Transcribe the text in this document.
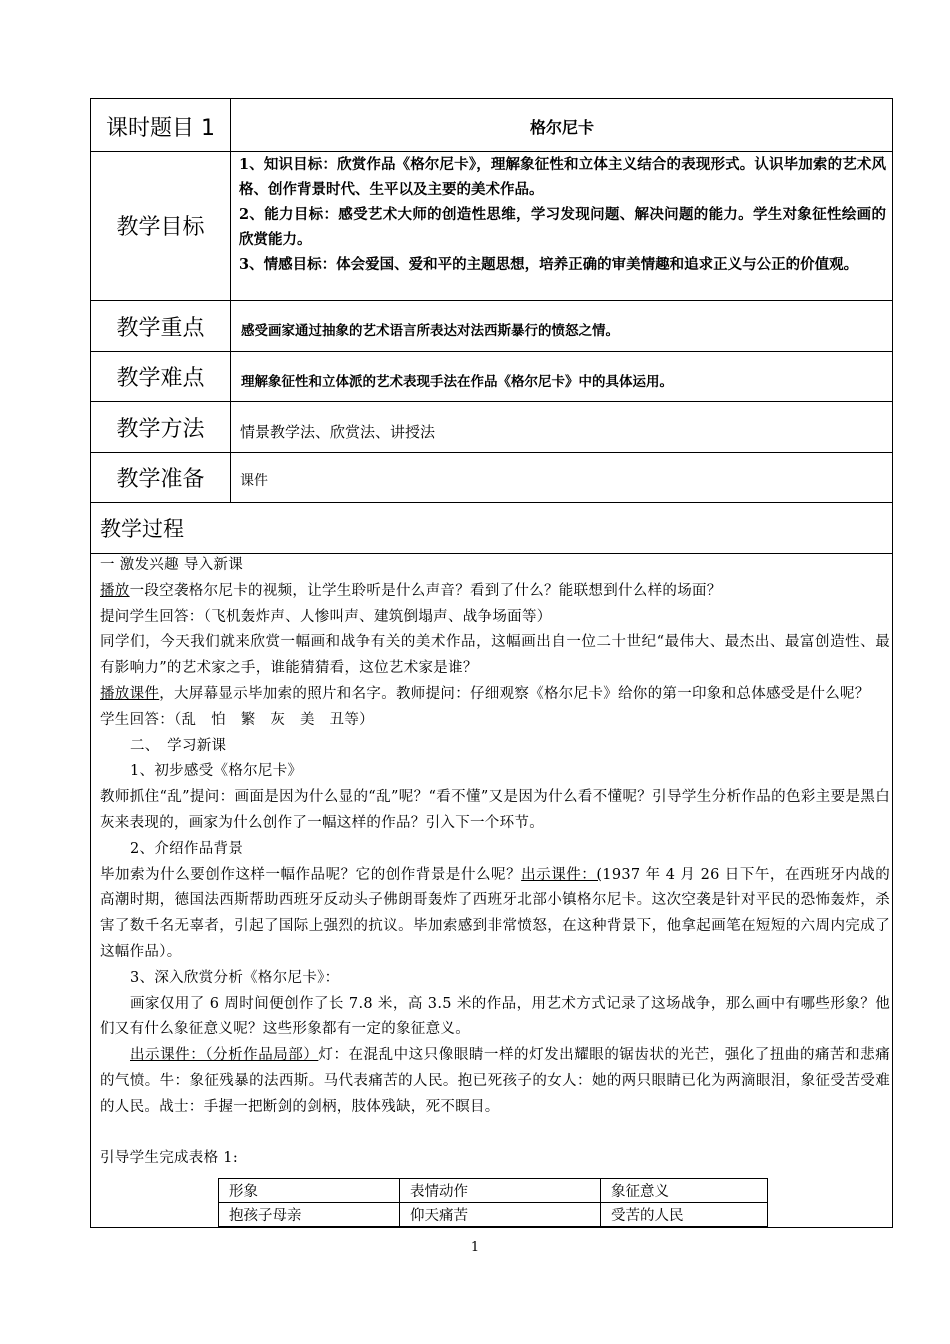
课时题目 1	格尔尼卡
教学目标

1、知识目标：欣赏作品《格尔尼卡》，理解象征性和立体主义结合的表现形式。认识毕加索的艺术风格、创作背景时代、生平以及主要的美术作品。

2、能力目标：感受艺术大师的创造性思维，学习发现问题、解决问题的能力。学生对象征性绘画的欣赏能力。

3、情感目标：体会爱国、爱和平的主题思想，培养正确的审美情趣和追求正义与公正的价值观。

教学重点	感受画家通过抽象的艺术语言所表达对法西斯暴行的愤怒之情。
教学难点	理解象征性和立体派的艺术表现手法在作品《格尔尼卡》中的具体运用。
教学方法	情景教学法、欣赏法、讲授法
教学准备	课件
教学过程

一 激发兴趣 导入新课

播放一段空袭格尔尼卡的视频，让学生聆听是什么声音？看到了什么？能联想到什么样的场面？

提问学生回答：（飞机轰炸声、人惨叫声、建筑倒塌声、战争场面等）

同学们，今天我们就来欣赏一幅画和战争有关的美术作品，这幅画出自一位二十世纪“最伟大、最杰出、最富创造性、最有影响力”的艺术家之手，谁能猜猜看，这位艺术家是谁？

播放课件，大屏幕显示毕加索的照片和名字。教师提问：仔细观察《格尔尼卡》给你的第一印象和总体感受是什么呢？

学生回答：（乱　怕　繁　灰　美　丑等）

二、　学习新课

1、初步感受《格尔尼卡》

教师抓住“乱”提问：画面是因为什么显的“乱”呢？“看不懂”又是因为什么看不懂呢？引导学生分析作品的色彩主要是黑白灰来表现的，画家为什么创作了一幅这样的作品？引入下一个环节。

2、介绍作品背景

毕加索为什么要创作这样一幅作品呢？它的创作背景是什么呢？出示课件：(1937 年 4 月 26 日下午，在西班牙内战的高潮时期，德国法西斯帮助西班牙反动头子佛朗哥轰炸了西班牙北部小镇格尔尼卡。这次空袭是针对平民的恐怖轰炸，杀害了数千名无辜者，引起了国际上强烈的抗议。毕加索感到非常愤怒，在这种背景下，他拿起画笔在短短的六周内完成了这幅作品）。

3、深入欣赏分析《格尔尼卡》：

画家仅用了 6 周时间便创作了长 7.8 米，高 3.5 米的作品，用艺术方式记录了这场战争，那么画中有哪些形象？他们又有什么象征意义呢？这些形象都有一定的象征意义。

出示课件：（分析作品局部）灯：在混乱中这只像眼睛一样的灯发出耀眼的锯齿状的光芒，强化了扭曲的痛苦和悲痛的气愤。牛：象征残暴的法西斯。马代表痛苦的人民。抱已死孩子的女人：她的两只眼睛已化为两滴眼泪，象征受苦受难的人民。战士：手握一把断剑的剑柄，肢体残缺，死不瞑目。

引导学生完成表格 1:

形象	表情动作	象征意义
抱孩子母亲	仰天痛苦	受苦的人民
1
